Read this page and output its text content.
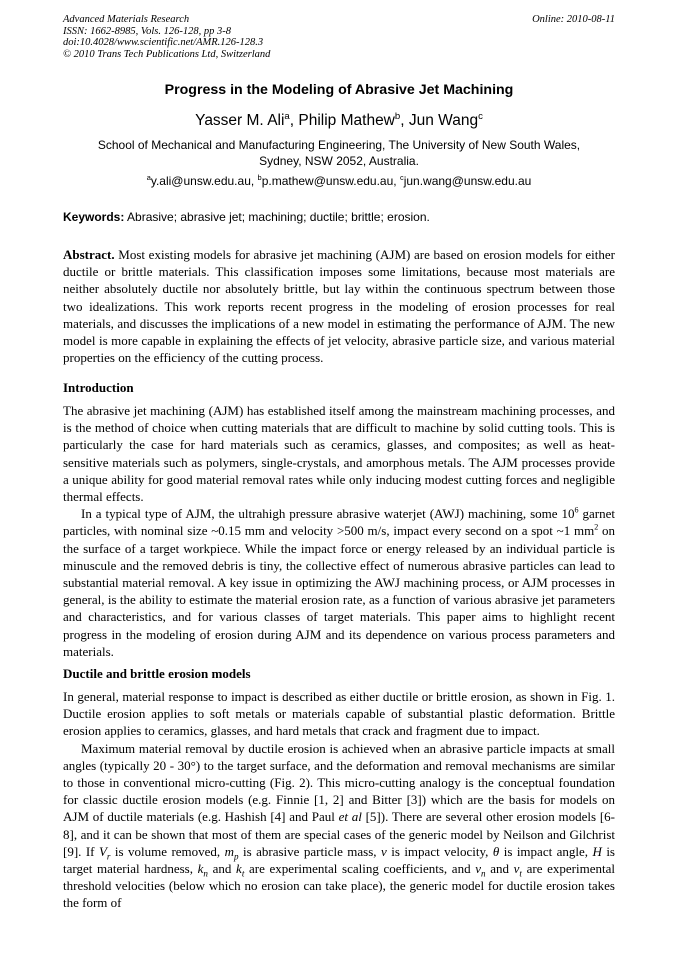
Advanced Materials Research
ISSN: 1662-8985, Vols. 126-128, pp 3-8
doi:10.4028/www.scientific.net/AMR.126-128.3
© 2010 Trans Tech Publications Ltd, Switzerland
Online: 2010-08-11
Progress in the Modeling of Abrasive Jet Machining
Yasser M. Ali$^a$, Philip Mathew$^b$, Jun Wang$^c$
School of Mechanical and Manufacturing Engineering, The University of New South Wales,
Sydney, NSW 2052, Australia.
$^a$y.ali@unsw.edu.au, $^b$p.mathew@unsw.edu.au, $^c$jun.wang@unsw.edu.au
Keywords: Abrasive; abrasive jet; machining; ductile; brittle; erosion.

Abstract. Most existing models for abrasive jet machining (AJM) are based on erosion models for either ductile or brittle materials. This classification imposes some limitations, because most materials are neither absolutely ductile nor absolutely brittle, but lay within the continuous spectrum between those two idealizations. This work reports recent progress in the modeling of erosion processes for real materials, and discusses the implications of a new model in estimating the performance of AJM. The new model is more capable in explaining the effects of jet velocity, abrasive particle size, and various material properties on the efficiency of the cutting process.

Introduction

The abrasive jet machining (AJM) has established itself among the mainstream machining processes, and is the method of choice when cutting materials that are difficult to machine by solid cutting tools. This is particularly the case for hard materials such as ceramics, glasses, and composites; as well as heat-sensitive materials such as polymers, single-crystals, and amorphous metals. The AJM processes provide a unique ability for good material removal rates while only inducing modest cutting forces and negligible thermal effects.

In a typical type of AJM, the ultrahigh pressure abrasive waterjet (AWJ) machining, some $10^6$ garnet particles, with nominal size ~0.15 mm and velocity >500 m/s, impact every second on a spot ~1 $mm^2$ on the surface of a target workpiece. While the impact force or energy released by an individual particle is minuscule and the removed debris is tiny, the collective effect of numerous abrasive particles can lead to substantial material removal. A key issue in optimizing the AWJ machining process, or AJM processes in general, is the ability to estimate the material erosion rate, as a function of various abrasive jet parameters and characteristics, and for various classes of target materials. This paper aims to highlight recent progress in the modeling of erosion during AJM and its dependence on various process parameters and materials.

Ductile and brittle erosion models

In general, material response to impact is described as either ductile or brittle erosion, as shown in Fig. 1. Ductile erosion applies to soft metals or materials capable of substantial plastic deformation. Brittle erosion applies to ceramics, glasses, and hard metals that crack and fragment due to impact.

Maximum material removal by ductile erosion is achieved when an abrasive particle impacts at small angles (typically 20 - 30°) to the target surface, and the deformation and removal mechanisms are similar to those in conventional micro-cutting (Fig. 2). This micro-cutting analogy is the conceptual foundation for classic ductile erosion models (e.g. Finnie [1, 2] and Bitter [3]) which are the basis for models on AJM of ductile materials (e.g. Hashish [4] and Paul et al [5]). There are several other erosion models [6-8], and it can be shown that most of them are special cases of the generic model by Neilson and Gilchrist [9]. If $V_r$ is volume removed, $m_p$ is abrasive particle mass, v is impact velocity, θ is impact angle, H is target material hardness, $k_n$ and $k_t$ are experimental scaling coefficients, and $v_n$ and $v_t$ are experimental threshold velocities (below which no erosion can take place), the generic model for ductile erosion takes the form of
